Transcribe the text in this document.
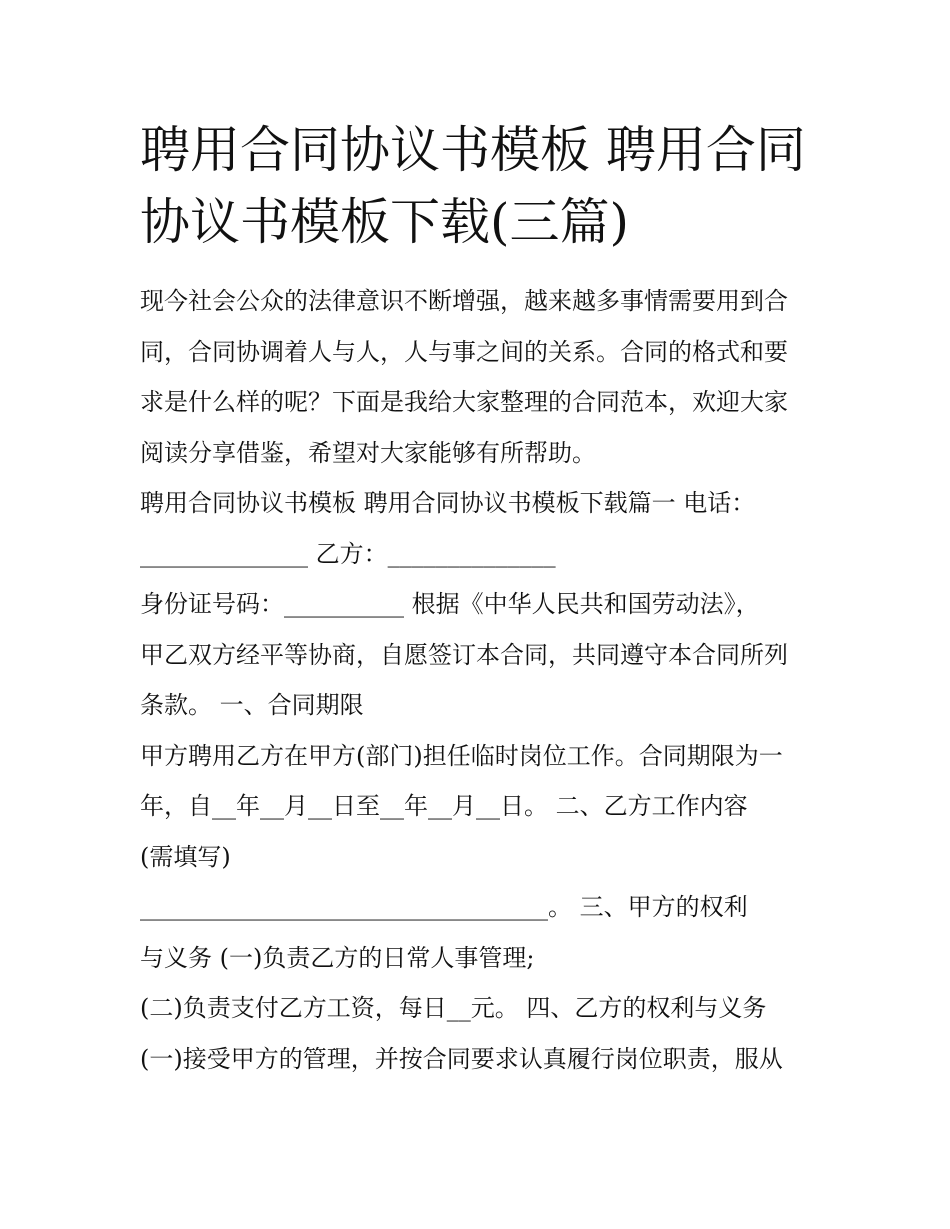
聘用合同协议书模板 聘用合同
协议书模板下载(三篇)
现今社会公众的法律意识不断增强，越来越多事情需要用到合
同，合同协调着人与人，人与事之间的关系。合同的格式和要
求是什么样的呢？下面是我给大家整理的合同范本，欢迎大家
阅读分享借鉴，希望对大家能够有所帮助。
聘用合同协议书模板 聘用合同协议书模板下载篇一 电话：
______________ 乙方：______________
身份证号码：__________ 根据《中华人民共和国劳动法》，
甲乙双方经平等协商，自愿签订本合同，共同遵守本合同所列
条款。 一、合同期限
甲方聘用乙方在甲方(部门)担任临时岗位工作。合同期限为一
年，自__年__月__日至__年__月__日。 二、乙方工作内容
(需填写)
__________________________________。 三、甲方的权利
与义务 (一)负责乙方的日常人事管理;
(二)负责支付乙方工资，每日__元。 四、乙方的权利与义务
(一)接受甲方的管理，并按合同要求认真履行岗位职责，服从
